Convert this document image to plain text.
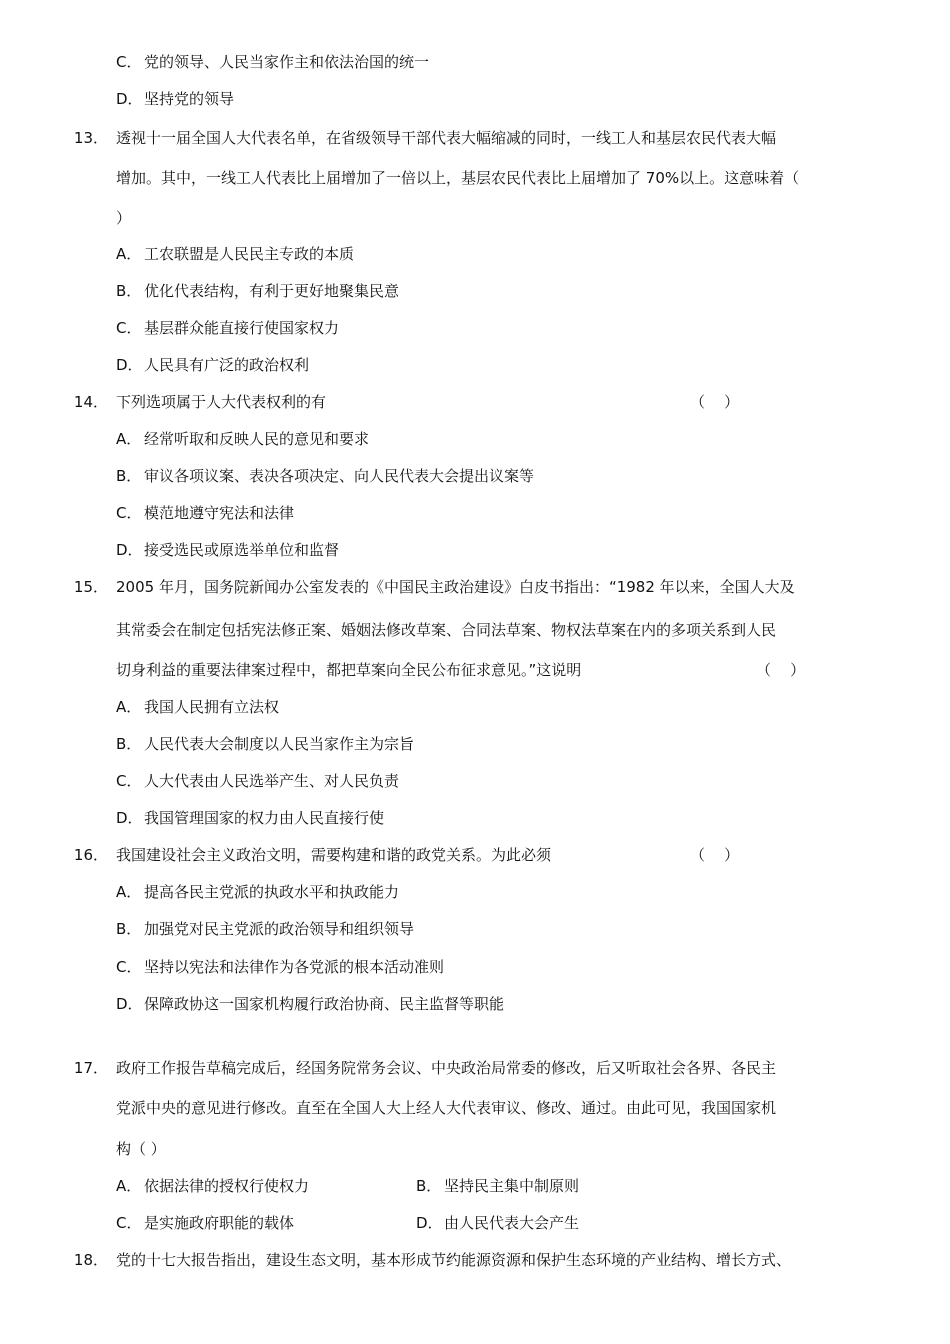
C． 党的领导、人民当家作主和依法治国的统一
D．坚持党的领导
13． 透视十一届全国人大代表名单，在省级领导干部代表大幅缩减的同时，一线工人和基层农民代表大幅
增加。其中，一线工人代表比上届增加了一倍以上，基层农民代表比上届增加了 70%以上。这意味着（
）
A． 工农联盟是人民民主专政的本质
B． 优化代表结构，有利于更好地聚集民意
C． 基层群众能直接行使国家权力
D．人民具有广泛的政治权利
14． 下列选项属于人大代表权利的有	（    ）
A． 经常听取和反映人民的意见和要求
B． 审议各项议案、表决各项决定、向人民代表大会提出议案等
C． 模范地遵守宪法和法律
D．接受选民或原选举单位和监督
15． 2005 年月，国务院新闻办公室发表的《中国民主政治建设》白皮书指出：“1982 年以来，全国人大及
其常委会在制定包括宪法修正案、婚姻法修改草案、合同法草案、物权法草案在内的多项关系到人民
切身利益的重要法律案过程中，都把草案向全民公布征求意见。”这说明	（    ）
A． 我国人民拥有立法权
B． 人民代表大会制度以人民当家作主为宗旨
C． 人大代表由人民选举产生、对人民负责
D．我国管理国家的权力由人民直接行使
16． 我国建设社会主义政治文明，需要构建和谐的政党关系。为此必须	（    ）
A． 提高各民主党派的执政水平和执政能力
B． 加强党对民主党派的政治领导和组织领导
C． 坚持以宪法和法律作为各党派的根本活动准则
D．保障政协这一国家机构履行政治协商、民主监督等职能
17． 政府工作报告草稿完成后，经国务院常务会议、中央政治局常委的修改，后又听取社会各界、各民主
党派中央的意见进行修改。直至在全国人大上经人大代表审议、修改、通过。由此可见，我国国家机
构（ ）
A． 依据法律的授权行使权力	B． 坚持民主集中制原则
C． 是实施政府职能的载体	D．由人民代表大会产生
18． 党的十七大报告指出，建设生态文明，基本形成节约能源资源和保护生态环境的产业结构、增长方式、
